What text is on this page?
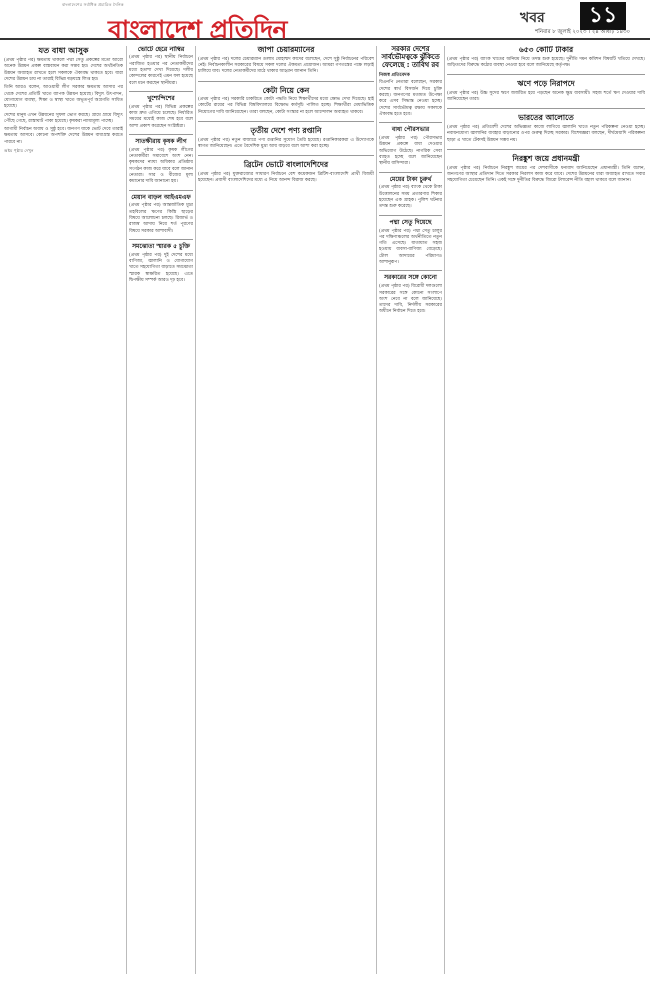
বাংলাদেশ প্রতিদিন
বাংলাদেশের সর্বাধিক প্রচারিত দৈনিক
খবর	১১
শনিবার ৮ জুলাই ২০২৩ । ২৪ আষাঢ় ১৪৩০
যত বাধা আসুক

(প্রথম পৃষ্ঠার পর) ক্ষমতায় থাকলে পদ্মা সেতু প্রকল্পের মতো আরো অনেক উন্নয়ন প্রকল্প বাস্তবায়ন করা সম্ভব হয়। দেশের অর্থনৈতিক উন্নয়ন অব্যাহত রাখতে হলে সকলকে ঐক্যবদ্ধ থাকতে হবে। যারা দেশের উন্নয়ন চায় না তারাই বিভিন্ন ষড়যন্ত্রে লিপ্ত হয়।

তিনি আরও বলেন, আওয়ামী লীগ সরকার ক্ষমতায় আসার পর থেকে দেশের প্রতিটি খাতে ব্যাপক উন্নয়ন হয়েছে। বিদ্যুৎ উৎপাদন, যোগাযোগ ব্যবস্থা, শিক্ষা ও স্বাস্থ্য খাতে অভূতপূর্ব অগ্রগতি সাধিত হয়েছে।

দেশের মানুষ এখন উন্নয়নের সুফল ভোগ করছে। গ্রামে গ্রামে বিদ্যুৎ পৌঁছে গেছে, রাস্তাঘাট পাকা হয়েছে। কৃষকরা ন্যায্যমূল্য পাচ্ছে।

আগামী নির্বাচন অবাধ ও সুষ্ঠু হবে। জনগণ যাকে ভোট দেবে তারাই ক্ষমতায় আসবে। কোনো অপশক্তি দেশের উন্নয়ন বাধাগ্রস্ত করতে পারবে না।

অষ্টম পৃষ্ঠায় দেখুন
ভোটে হেরে নাম্বির
(প্রথম পৃষ্ঠার পর) স্থানীয় নির্বাচনে পরাজিত হওয়ার পর নেতাকর্মীদের মধ্যে হতাশা দেখা দিয়েছে। দলীয় কোন্দলের কারণেই এমন ফল হয়েছে বলে মনে করছেন স্থানীয়রা।
খুশ্যেন্দিশের
(প্রথম পৃষ্ঠার পর) বিভিন্ন প্রকল্পের কাজ দ্রুত এগিয়ে চলেছে। নির্ধারিত সময়ের মধ্যেই কাজ শেষ হবে বলে আশা প্রকাশ করেছেন সংশ্লিষ্টরা।
সাতক্ষীরায় কৃষক লীগ
(প্রথম পৃষ্ঠার পর) কৃষক লীগের নেতাকর্মীরা সমাবেশে অংশ নেন। কৃষকদের ন্যায্য অধিকার প্রতিষ্ঠায় সংগঠন কাজ করে যাবে বলে জানান নেতারা। সার ও বীজের মূল্য কমানোর দাবি জানানো হয়।
মেয়ান বাড়ল আইএমএফ
(প্রথম পৃষ্ঠার পর) আন্তর্জাতিক মুদ্রা তহবিলের ঋণের কিস্তি ছাড়ের বিষয়ে আলোচনা চলছে। রিজার্ভ ও রাজস্ব আদায় নিয়ে শর্ত পূরণের বিষয়ে সরকার আশাবাদী।
সমঝোতা স্মারক ৫ চুক্তি
(প্রথম পৃষ্ঠার পর) দুই দেশের মধ্যে বাণিজ্য, জ্বালানি ও যোগাযোগ খাতে সহযোগিতা বাড়াতে সমঝোতা স্মারক স্বাক্ষরিত হয়েছে। এতে দ্বিপক্ষীয় সম্পর্ক আরও দৃঢ় হবে।
জাপা চেয়ারম্যানের
(প্রথম পৃষ্ঠার পর) দলের চেয়ারম্যান গুলাম মোহাম্মদ কাদের বলেছেন, দেশে সুষ্ঠু নির্বাচনের পরিবেশ নেই। নির্বাচনকালীন সরকারের বিষয়ে সকল দলের ঐকমত্য প্রয়োজন। আমরা গণতন্ত্রের পক্ষে লড়াই চালিয়ে যাব। দলের নেতাকর্মীদের মাঠে থাকার আহ্বান জানান তিনি।
কেটা নিয়ে কেন
(প্রথম পৃষ্ঠার পর) সরকারি চাকরিতে কোটা পদ্ধতি নিয়ে শিক্ষার্থীদের মধ্যে ক্ষোভ দেখা দিয়েছে। হাই কোর্টের রায়ের পর বিভিন্ন বিশ্ববিদ্যালয়ে বিক্ষোভ কর্মসূচি পালিত হচ্ছে। শিক্ষার্থীরা মেধাভিত্তিক নিয়োগের দাবি জানিয়েছেন। তারা বলছেন, কোটা সংস্কার না হলে আন্দোলন অব্যাহত থাকবে।
তৃতীয় দেশে পণ্য রপ্তানি
(প্রথম পৃষ্ঠার পর) নতুন বাজারে পণ্য রপ্তানির সুযোগ তৈরি হয়েছে। রপ্তানিকারকরা এ উদ্যোগকে স্বাগত জানিয়েছেন। এতে বৈদেশিক মুদ্রা আয় বাড়বে বলে আশা করা হচ্ছে।
ব্রিটেন ভোটে বাংলাদেশিদের
(প্রথম পৃষ্ঠার পর) যুক্তরাজ্যের সাধারণ নির্বাচনে বেশ কয়েকজন ব্রিটিশ-বাংলাদেশি প্রার্থী বিজয়ী হয়েছেন। প্রবাসী বাংলাদেশিদের মধ্যে এ নিয়ে আনন্দ বিরাজ করছে।
সরকার দেশের সার্বভৌমত্বকে ঝুঁকিতে ফেলেছে : তাবিথ রব
নিজস্ব প্রতিবেদক
বিএনপি নেতারা বলেছেন, সরকার দেশের স্বার্থ বিসর্জন দিয়ে চুক্তি করছে। জনগণের মতামত উপেক্ষা করে এসব সিদ্ধান্ত নেওয়া হচ্ছে। দেশের সার্বভৌমত্ব রক্ষায় সকলকে ঐক্যবদ্ধ হতে হবে।
বাধা পৌরসভার
(প্রথম পৃষ্ঠার পর) পৌরসভার উন্নয়ন প্রকল্পে বাধা দেওয়ার অভিযোগ উঠেছে। নাগরিক সেবা ব্যাহত হচ্ছে বলে জানিয়েছেন স্থানীয় বাসিন্দারা।
মেয়ের টাকা চুরুর্থ
(প্রথম পৃষ্ঠার পর) ব্যাংক থেকে টাকা উত্তোলনের সময় প্রতারণার শিকার হয়েছেন এক গ্রাহক। পুলিশ ঘটনার তদন্ত শুরু করেছে।
পদ্মা সেতু দিয়েছে
(প্রথম পৃষ্ঠার পর) পদ্মা সেতু চালুর পর দক্ষিণাঞ্চলের অর্থনীতিতে নতুন গতি এসেছে। যাতায়াত সহজ হওয়ায় ব্যবসা-বাণিজ্য বেড়েছে। টোল আদায়ের পরিমাণও আশানুরূপ।
সরকারের সঙ্গে কোনো
(প্রথম পৃষ্ঠার পর) বিরোধী দলগুলো সরকারের সঙ্গে কোনো সংলাপে অংশ নেবে না বলে জানিয়েছে। তাদের দাবি, নির্দলীয় সরকারের অধীনে নির্বাচন দিতে হবে।
৬৫৩ কোটি টাকার
(প্রথম পৃষ্ঠার পর) ব্যাংক খাতের অনিয়ম নিয়ে তদন্ত শুরু হয়েছে। দুর্নীতি দমন কমিশন বিষয়টি খতিয়ে দেখছে। জড়িতদের বিরুদ্ধে কঠোর ব্যবস্থা নেওয়া হবে বলে জানিয়েছে কর্তৃপক্ষ।
ঋণে পড়ে নিরাপদে
(প্রথম পৃষ্ঠার পর) উচ্চ সুদের ঋণে জর্জরিত হয়ে পড়ছেন অনেক ক্ষুদ্র ব্যবসায়ী। সহজ শর্তে ঋণ দেওয়ার দাবি জানিয়েছেন তারা।
ভারতের আলোতে
(প্রথম পৃষ্ঠার পর) প্রতিবেশী দেশের অভিজ্ঞতা কাজে লাগিয়ে জ্বালানি খাতে নতুন পরিকল্পনা নেওয়া হচ্ছে। নবায়নযোগ্য জ্বালানির ব্যবহার বাড়ানোর ওপর গুরুত্ব দিচ্ছে সরকার। বিশেষজ্ঞরা বলছেন, দীর্ঘমেয়াদি পরিকল্পনা ছাড়া এ খাতে টেকসই উন্নয়ন সম্ভব নয়।
নিরঙ্কুশ জয়ে প্রধানমন্ত্রী
(প্রথম পৃষ্ঠার পর) নির্বাচনে নিরঙ্কুশ জয়ের পর দেশবাসীকে ধন্যবাদ জানিয়েছেন প্রধানমন্ত্রী। তিনি বলেন, জনগণের আস্থার প্রতিদান দিতে সরকার নিরলস কাজ করে যাবে। দেশের উন্নয়নের ধারা অব্যাহত রাখতে সবার সহযোগিতা চেয়েছেন তিনি। একই সঙ্গে দুর্নীতির বিরুদ্ধে জিরো টলারেন্স নীতি বহাল থাকবে বলে জানান।
